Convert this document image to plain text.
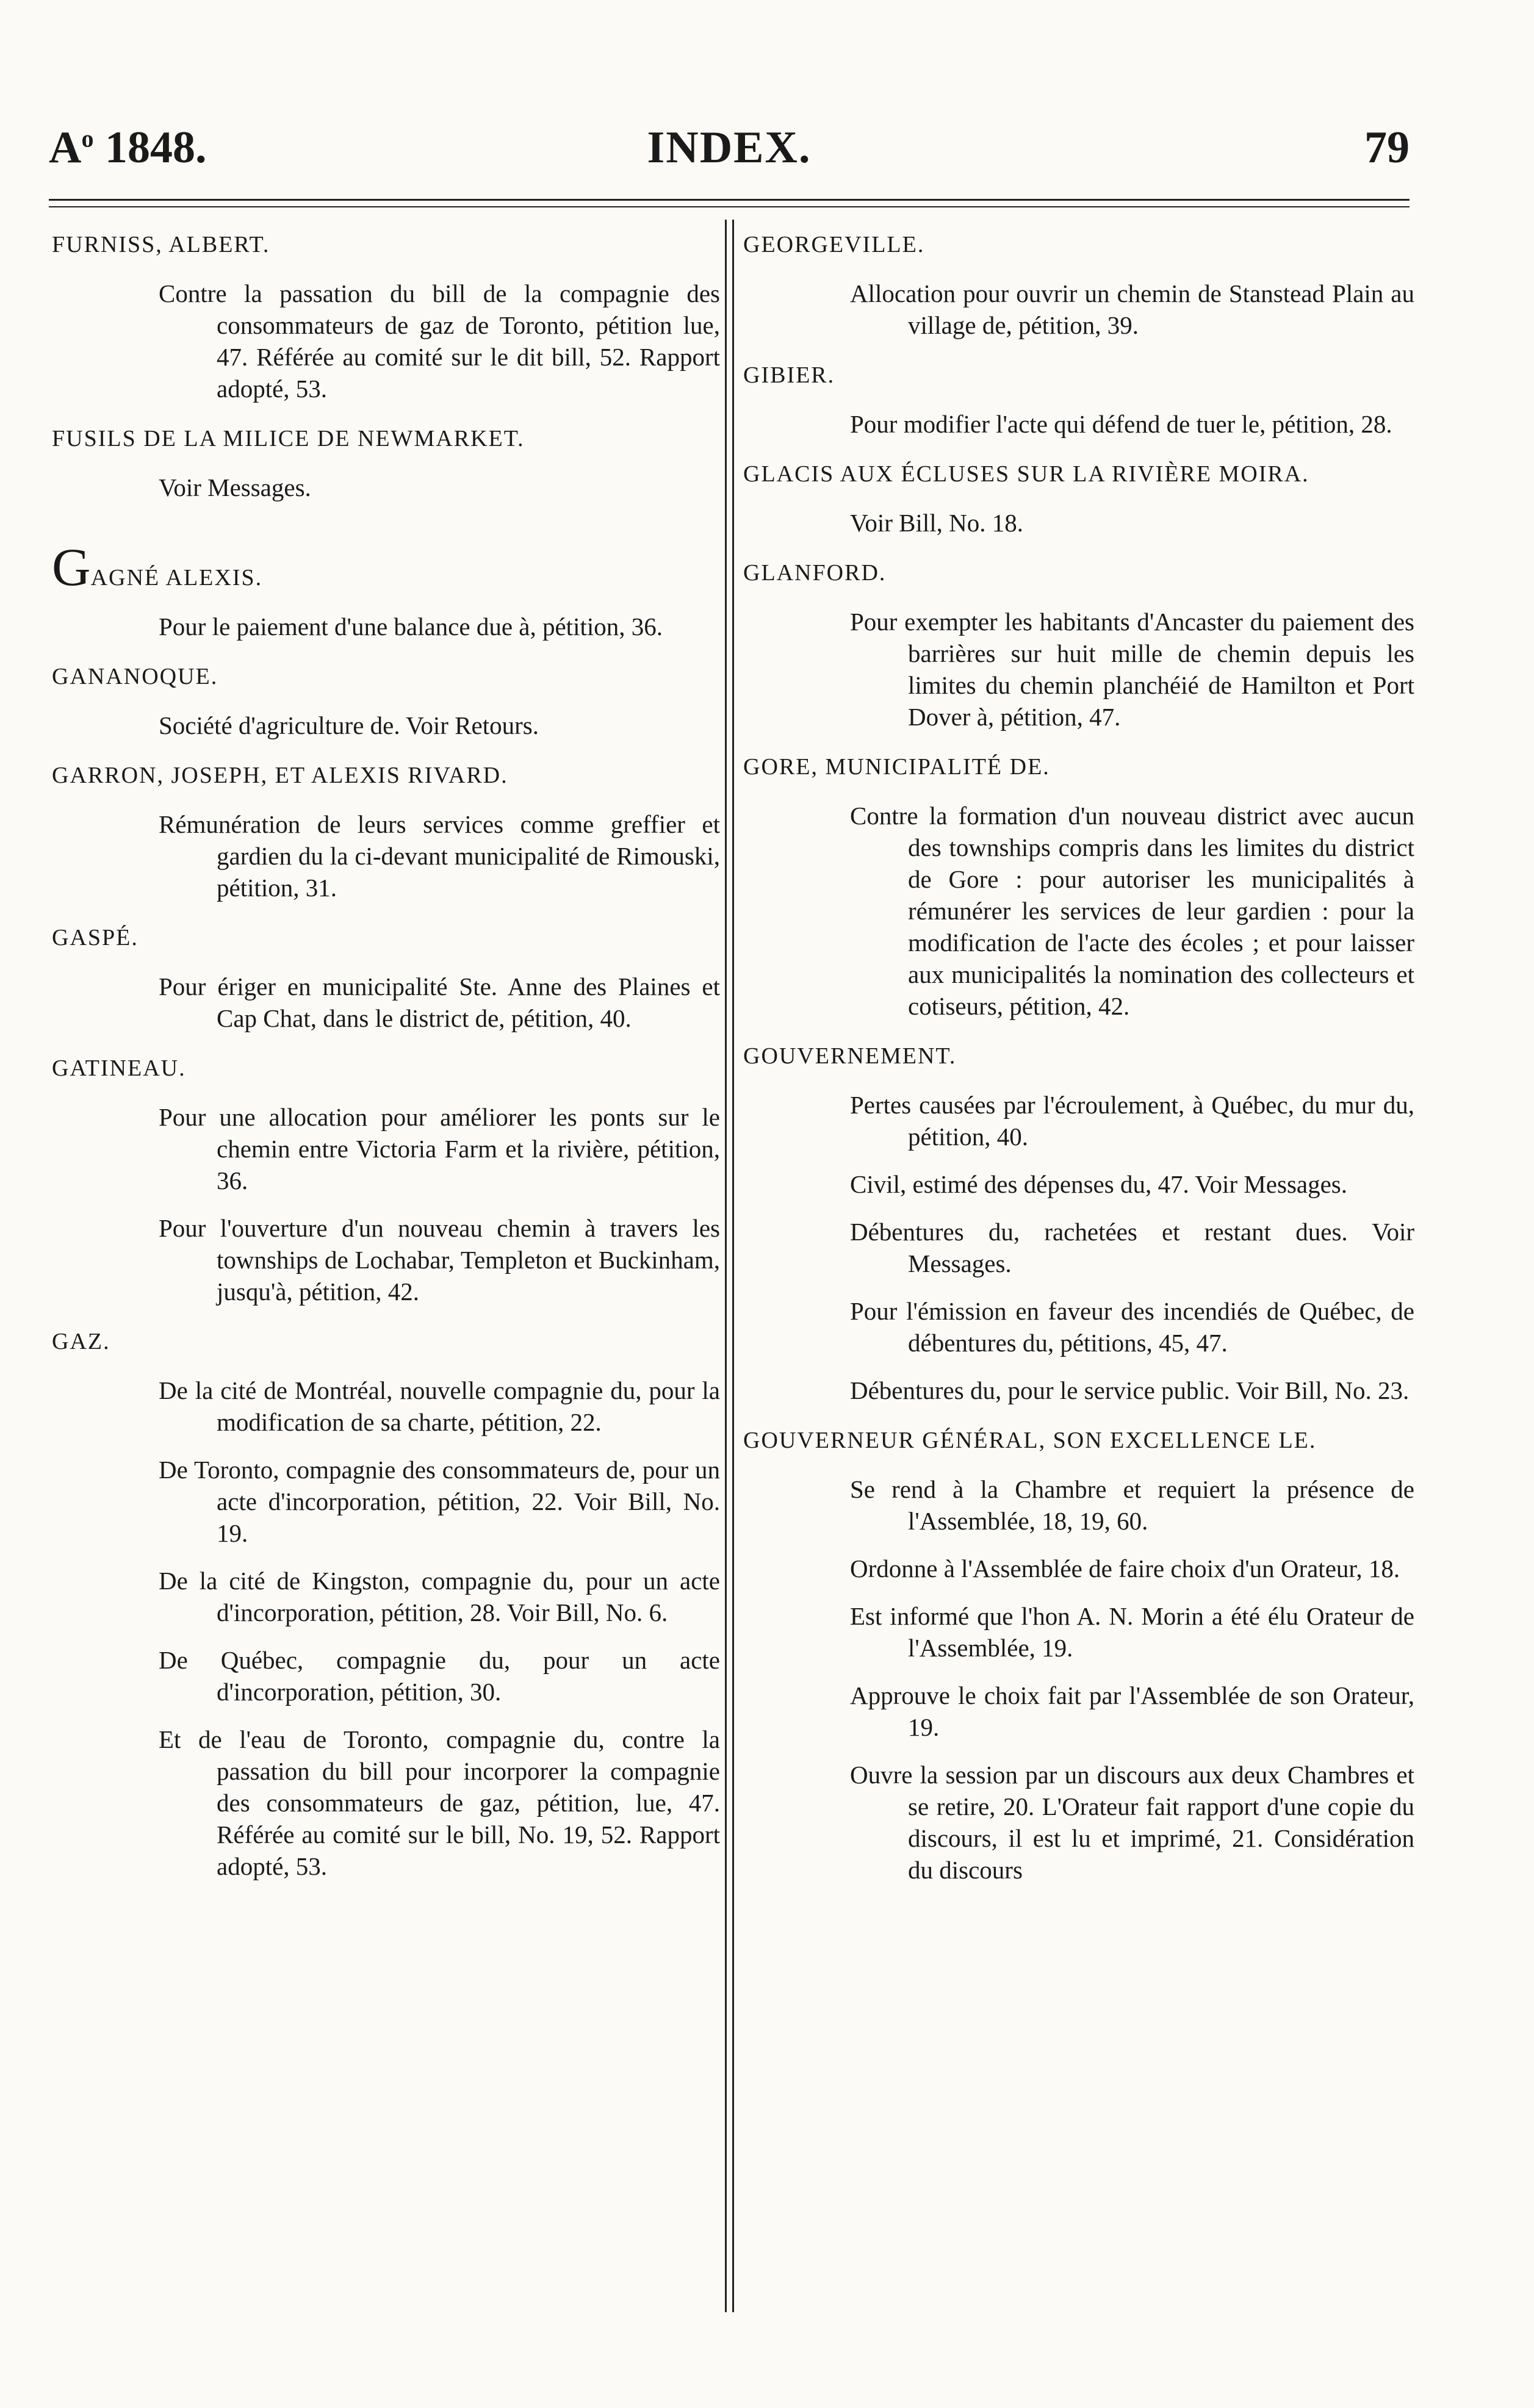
$A^o$ 1848.	INDEX.	79
FURNISS, ALBERT.
Contre la passation du bill de la compagnie des consommateurs de gaz de Toronto, pétition lue, 47. Référée au comité sur le dit bill, 52. Rapport adopté, 53.
FUSILS DE LA MILICE DE NEWMARKET.
Voir Messages.
GAGNÉ ALEXIS.
Pour le paiement d'une balance due à, pétition, 36.
GANANOQUE.
Société d'agriculture de. Voir Retours.
GARRON, JOSEPH, ET ALEXIS RIVARD.
Rémunération de leurs services comme greffier et gardien du la ci-devant municipalité de Rimouski, pétition, 31.
GASPÉ.
Pour ériger en municipalité Ste. Anne des Plaines et Cap Chat, dans le district de, pétition, 40.
GATINEAU.
Pour une allocation pour améliorer les ponts sur le chemin entre Victoria Farm et la rivière, pétition, 36.
Pour l'ouverture d'un nouveau chemin à travers les townships de Lochabar, Templeton et Buckinham, jusqu'à, pétition, 42.
GAZ.
De la cité de Montréal, nouvelle compagnie du, pour la modification de sa charte, pétition, 22.
De Toronto, compagnie des consommateurs de, pour un acte d'incorporation, pétition, 22. Voir Bill, No. 19.
De la cité de Kingston, compagnie du, pour un acte d'incorporation, pétition, 28. Voir Bill, No. 6.
De Québec, compagnie du, pour un acte d'incorporation, pétition, 30.
Et de l'eau de Toronto, compagnie du, contre la passation du bill pour incorporer la compagnie des consommateurs de gaz, pétition, lue, 47. Référée au comité sur le bill, No. 19, 52. Rapport adopté, 53.
GEORGEVILLE.
Allocation pour ouvrir un chemin de Stanstead Plain au village de, pétition, 39.
GIBIER.
Pour modifier l'acte qui défend de tuer le, pétition, 28.
GLACIS AUX ÉCLUSES SUR LA RIVIÈRE MOIRA.
Voir Bill, No. 18.
GLANFORD.
Pour exempter les habitants d'Ancaster du paiement des barrières sur huit mille de chemin depuis les limites du chemin planchéié de Hamilton et Port Dover à, pétition, 47.
GORE, MUNICIPALITÉ DE.
Contre la formation d'un nouveau district avec aucun des townships compris dans les limites du district de Gore : pour autoriser les municipalités à rémunérer les services de leur gardien : pour la modification de l'acte des écoles ; et pour laisser aux municipalités la nomination des collecteurs et cotiseurs, pétition, 42.
GOUVERNEMENT.
Pertes causées par l'écroulement, à Québec, du mur du, pétition, 40.
Civil, estimé des dépenses du, 47. Voir Messages.
Débentures du, rachetées et restant dues. Voir Messages.
Pour l'émission en faveur des incendiés de Québec, de débentures du, pétitions, 45, 47.
Débentures du, pour le service public. Voir Bill, No. 23.
GOUVERNEUR GÉNÉRAL, SON EXCELLENCE LE.
Se rend à la Chambre et requiert la présence de l'Assemblée, 18, 19, 60.
Ordonne à l'Assemblée de faire choix d'un Orateur, 18.
Est informé que l'hon A. N. Morin a été élu Orateur de l'Assemblée, 19.
Approuve le choix fait par l'Assemblée de son Orateur, 19.
Ouvre la session par un discours aux deux Chambres et se retire, 20. L'Orateur fait rapport d'une copie du discours, il est lu et imprimé, 21. Considération du discours
